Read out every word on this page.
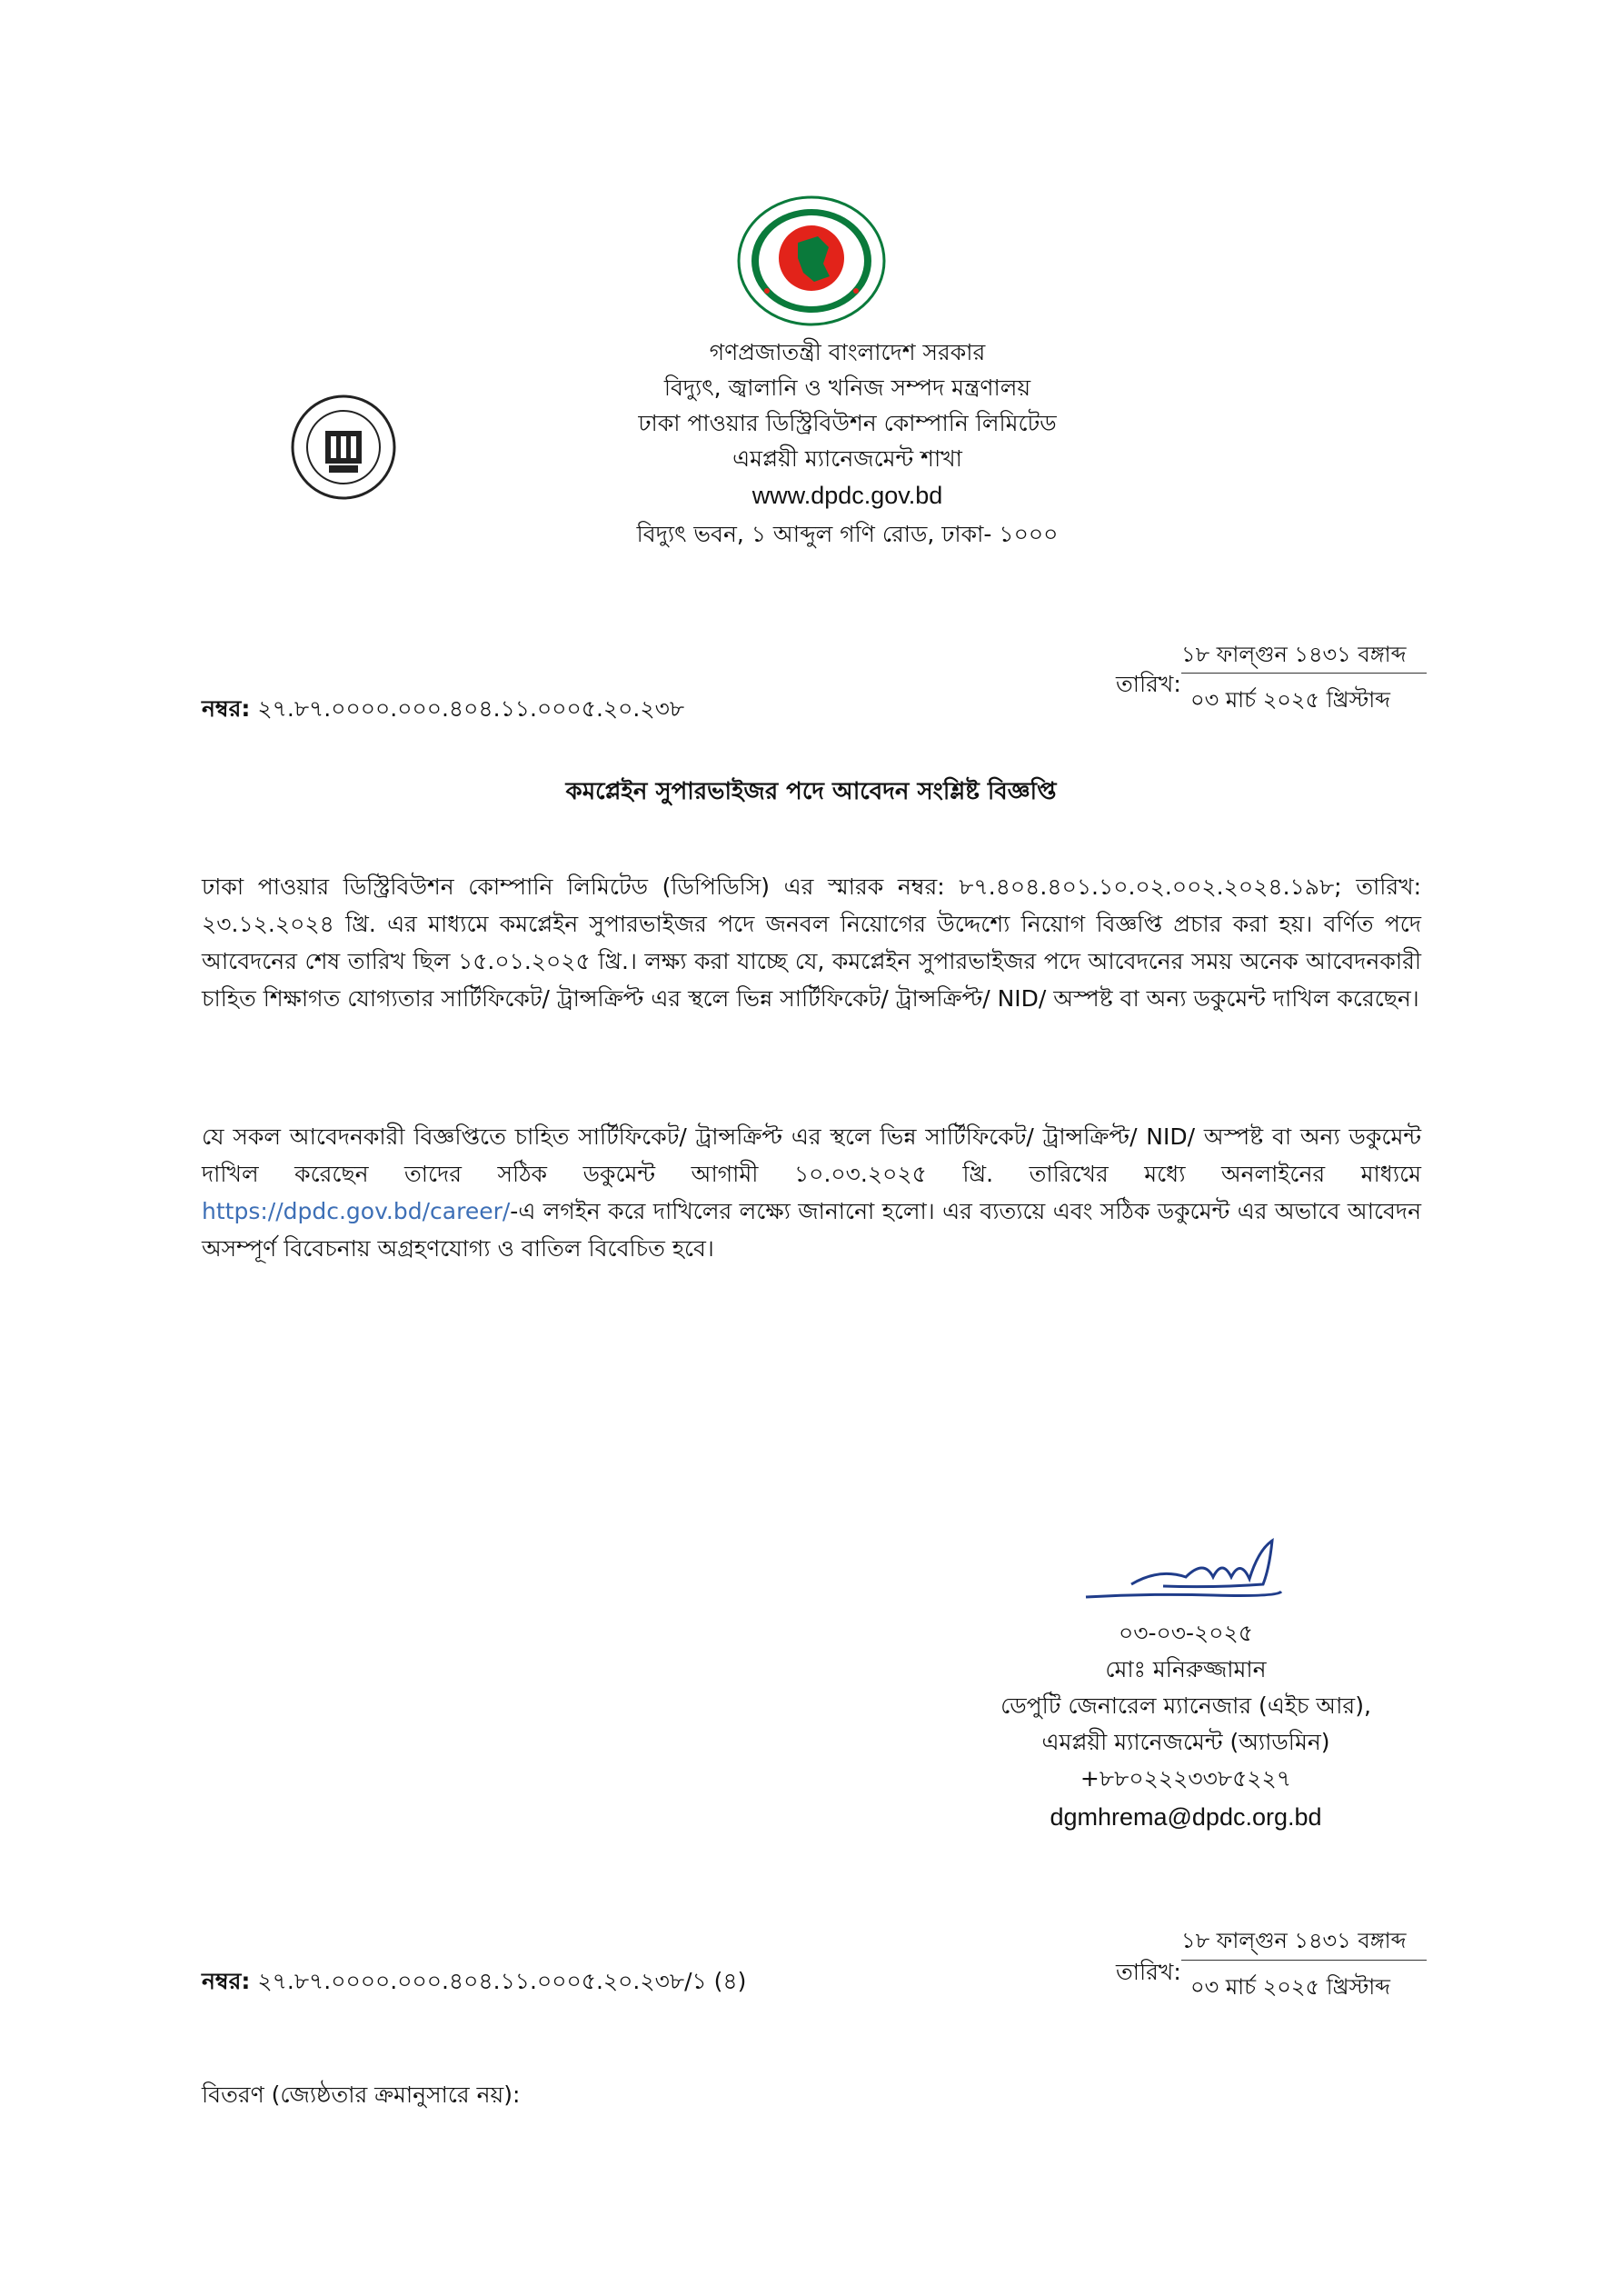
গণপ্রজাতন্ত্রী বাংলাদেশ সরকার
বিদ্যুৎ, জ্বালানি ও খনিজ সম্পদ মন্ত্রণালয়
ঢাকা পাওয়ার ডিস্ট্রিবিউশন কোম্পানি লিমিটেড
এমপ্লয়ী ম্যানেজমেন্ট শাখা
www.dpdc.gov.bd
বিদ্যুৎ ভবন, ১ আব্দুল গণি রোড, ঢাকা- ১০০০
নম্বর: ২৭.৮৭.০০০০.০০০.৪০৪.১১.০০০৫.২০.২৩৮
তারিখ:
১৮ ফাল্গুন ১৪৩১ বঙ্গাব্দ
০৩ মার্চ ২০২৫ খ্রিস্টাব্দ
কমপ্লেইন সুপারভাইজর পদে আবেদন সংশ্লিষ্ট বিজ্ঞপ্তি
ঢাকা পাওয়ার ডিস্ট্রিবিউশন কোম্পানি লিমিটেড (ডিপিডিসি) এর স্মারক নম্বর: ৮৭.৪০৪.৪০১.১০.০২.০০২.২০২৪.১৯৮; তারিখ: ২৩.১২.২০২৪ খ্রি. এর মাধ্যমে কমপ্লেইন সুপারভাইজর পদে জনবল নিয়োগের উদ্দেশ্যে নিয়োগ বিজ্ঞপ্তি প্রচার করা হয়। বর্ণিত পদে আবেদনের শেষ তারিখ ছিল ১৫.০১.২০২৫ খ্রি.। লক্ষ্য করা যাচ্ছে যে, কমপ্লেইন সুপারভাইজর পদে আবেদনের সময় অনেক আবেদনকারী চাহিত শিক্ষাগত যোগ্যতার সার্টিফিকেট/ ট্রান্সক্রিপ্ট এর স্থলে ভিন্ন সার্টিফিকেট/ ট্রান্সক্রিপ্ট/ NID/ অস্পষ্ট বা অন্য ডকুমেন্ট দাখিল করেছেন।
যে সকল আবেদনকারী বিজ্ঞপ্তিতে চাহিত সার্টিফিকেট/ ট্রান্সক্রিপ্ট এর স্থলে ভিন্ন সার্টিফিকেট/ ট্রান্সক্রিপ্ট/ NID/ অস্পষ্ট বা অন্য ডকুমেন্ট দাখিল করেছেন তাদের সঠিক ডকুমেন্ট আগামী ১০.০৩.২০২৫ খ্রি. তারিখের মধ্যে অনলাইনের মাধ্যমে https://dpdc.gov.bd/career/-এ লগইন করে দাখিলের লক্ষ্যে জানানো হলো। এর ব্যত্যয়ে এবং সঠিক ডকুমেন্ট এর অভাবে আবেদন অসম্পূর্ণ বিবেচনায় অগ্রহণযোগ্য ও বাতিল বিবেচিত হবে।
০৩-০৩-২০২৫
মোঃ মনিরুজ্জামান
ডেপুটি জেনারেল ম্যানেজার (এইচ আর),
এমপ্লয়ী ম্যানেজমেন্ট (অ্যাডমিন)
+৮৮০২২২৩৩৮৫২২৭
dgmhrema@dpdc.org.bd
নম্বর: ২৭.৮৭.০০০০.০০০.৪০৪.১১.০০০৫.২০.২৩৮/১ (৪)	তারিখ:
১৮ ফাল্গুন ১৪৩১ বঙ্গাব্দ
০৩ মার্চ ২০২৫ খ্রিস্টাব্দ
বিতরণ (জ্যেষ্ঠতার ক্রমানুসারে নয়):
